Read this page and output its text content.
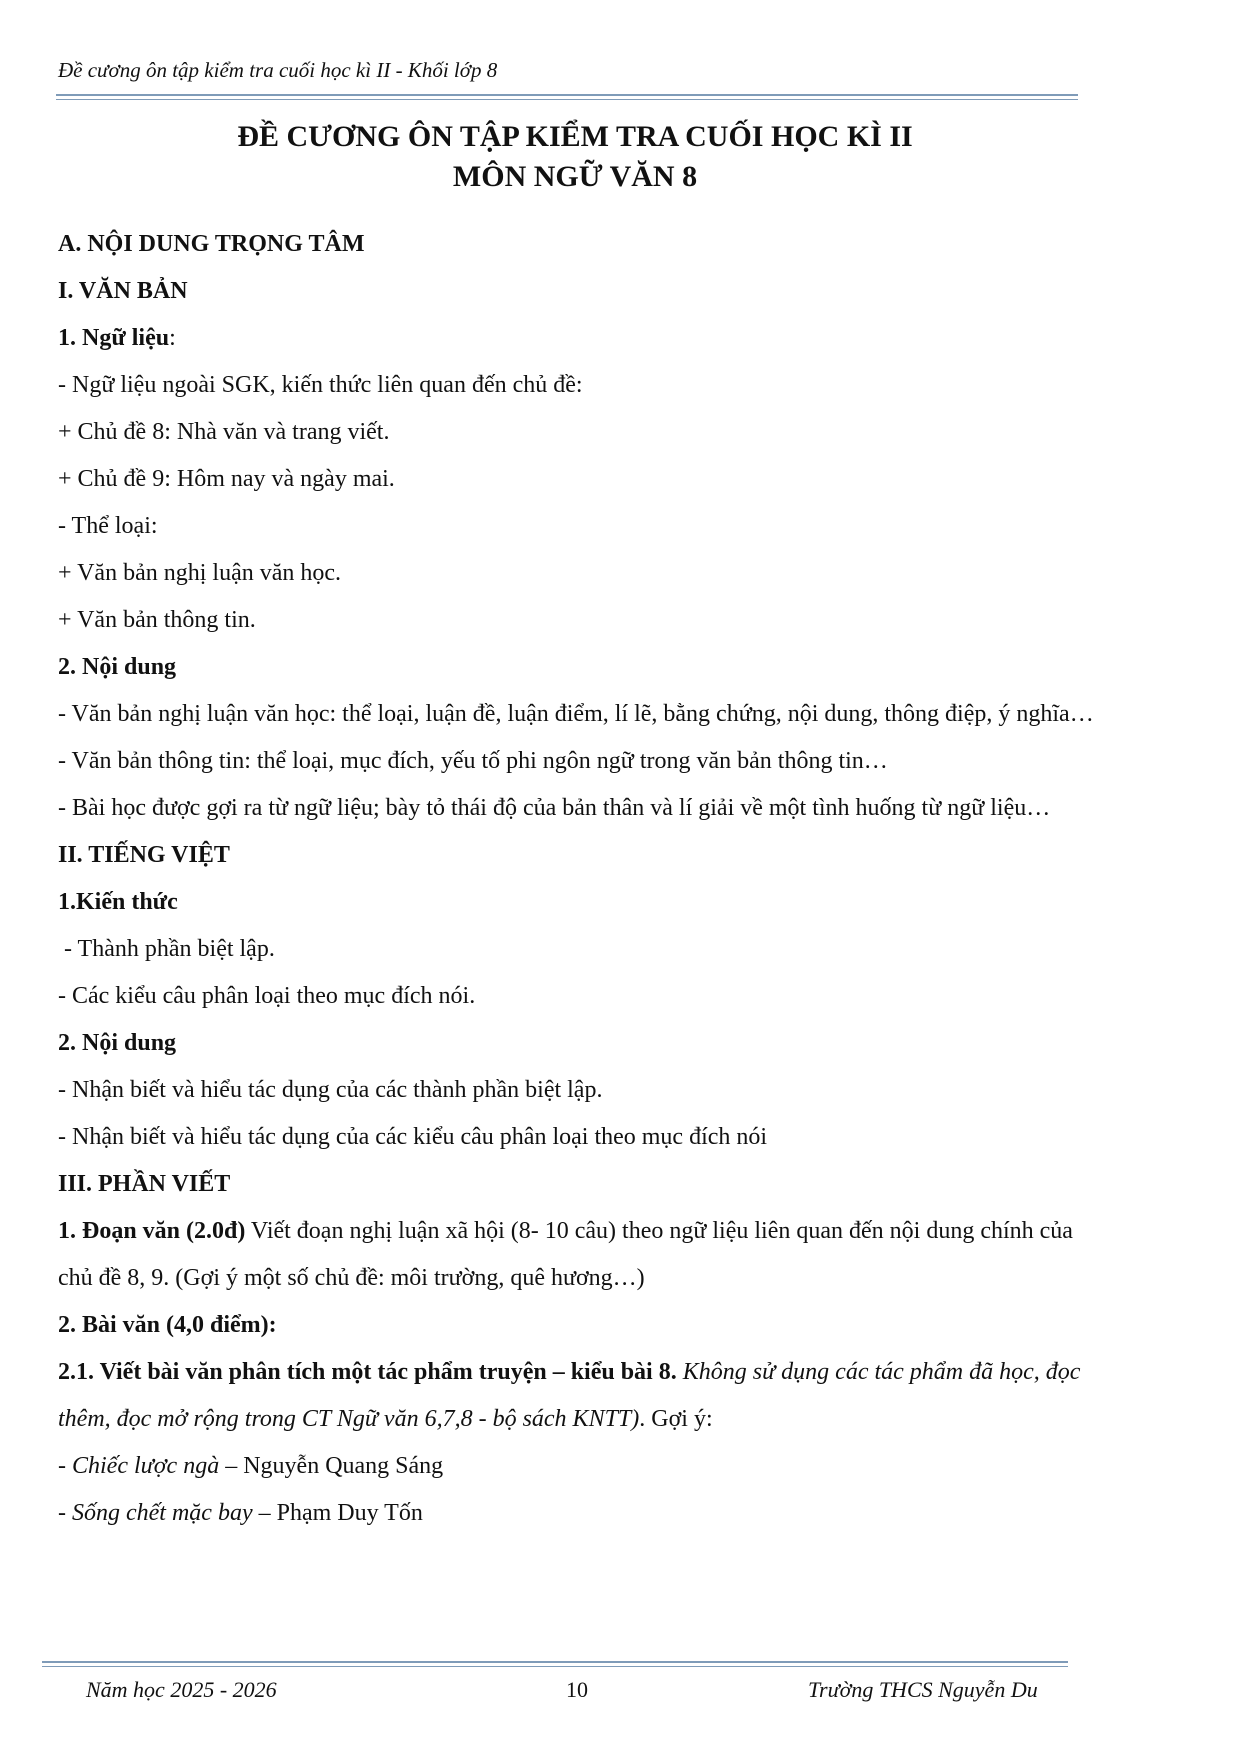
Đề cương ôn tập kiểm tra cuối học kì II - Khối lớp 8
ĐỀ CƯƠNG ÔN TẬP KIỂM TRA CUỐI HỌC KÌ II
MÔN NGỮ VĂN 8

A. NỘI DUNG TRỌNG TÂM

I. VĂN BẢN

1. Ngữ liệu:

- Ngữ liệu ngoài SGK, kiến thức liên quan đến chủ đề:

+ Chủ đề 8: Nhà văn và trang viết.

+ Chủ đề 9: Hôm nay và ngày mai.

- Thể loại:

+ Văn bản nghị luận văn học.

+ Văn bản thông tin.

2. Nội dung

- Văn bản nghị luận văn học: thể loại, luận đề, luận điểm, lí lẽ, bằng chứng, nội dung, thông điệp, ý nghĩa…

- Văn bản thông tin: thể loại, mục đích, yếu tố phi ngôn ngữ trong văn bản thông tin…

- Bài học được gợi ra từ ngữ liệu; bày tỏ thái độ của bản thân và lí giải về một tình huống từ ngữ liệu…

II. TIẾNG VIỆT

1.Kiến thức

- Thành phần biệt lập.

- Các kiểu câu phân loại theo mục đích nói.

2. Nội dung

- Nhận biết và hiểu tác dụng của các thành phần biệt lập.

- Nhận biết và hiểu tác dụng của các kiểu câu phân loại theo mục đích nói

III. PHẦN VIẾT

1. Đoạn văn (2.0đ) Viết đoạn nghị luận xã hội (8- 10 câu) theo ngữ liệu liên quan đến nội dung chính của chủ đề 8, 9. (Gợi ý một số chủ đề: môi trường, quê hương…)

2. Bài văn (4,0 điểm):

2.1. Viết bài văn phân tích một tác phẩm truyện – kiểu bài 8. Không sử dụng các tác phẩm đã học, đọc thêm, đọc mở rộng trong CT Ngữ văn 6,7,8 - bộ sách KNTT). Gợi ý:

- Chiếc lược ngà – Nguyễn Quang Sáng

- Sống chết mặc bay – Phạm Duy Tốn

Năm học 2025 - 2026	10	Trường THCS Nguyễn Du
